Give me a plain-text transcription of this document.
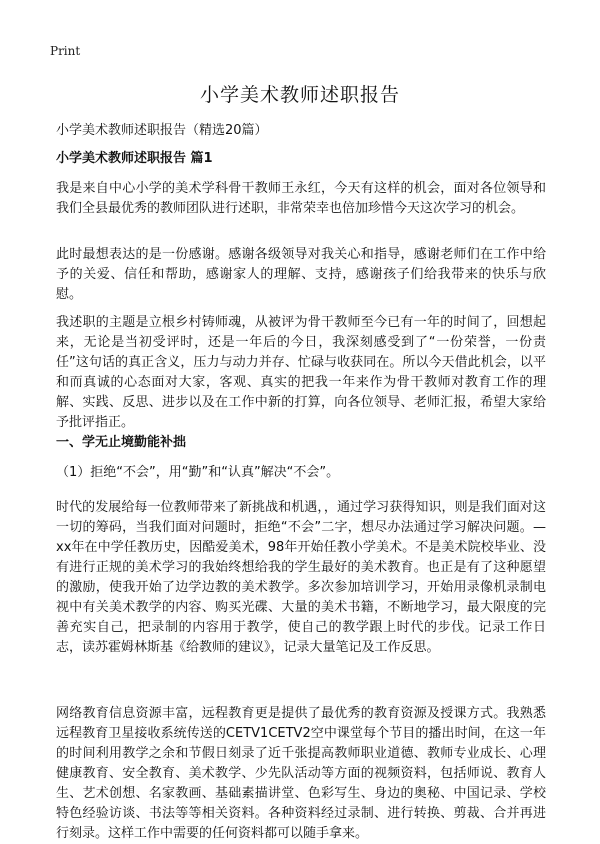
Print
小学美术教师述职报告

小学美术教师述职报告（精选20篇）

小学美术教师述职报告 篇1

我是来自中心小学的美术学科骨干教师王永红，今天有这样的机会，面对各位领导和我们全县最优秀的教师团队进行述职，非常荣幸也倍加珍惜今天这次学习的机会。

此时最想表达的是一份感谢。感谢各级领导对我关心和指导，感谢老师们在工作中给予的关爱、信任和帮助，感谢家人的理解、支持，感谢孩子们给我带来的快乐与欣慰。

我述职的主题是立根乡村铸师魂，从被评为骨干教师至今已有一年的时间了，回想起来，无论是当初受评时，还是一年后的今日，我深刻感受到了“一份荣誉，一份责任”这句话的真正含义，压力与动力并存、忙碌与收获同在。所以今天借此机会，以平和而真诚的心态面对大家，客观、真实的把我一年来作为骨干教师对教育工作的理解、实践、反思、进步以及在工作中新的打算，向各位领导、老师汇报，希望大家给予批评指正。

一、学无止境勤能补拙

（1）拒绝“不会”，用“勤”和“认真”解决“不会”。

时代的发展给每一位教师带来了新挑战和机遇，，通过学习获得知识，则是我们面对这一切的筹码，当我们面对问题时，拒绝“不会”二字，想尽办法通过学习解决问题。—xx年在中学任教历史，因酷爱美术，98年开始任教小学美术。不是美术院校毕业、没有进行正规的美术学习的我始终想给我的学生最好的美术教育。也正是有了这种愿望的激励，使我开始了边学边教的美术教学。多次参加培训学习，开始用录像机录制电视中有关美术教学的内容、购买光碟、大量的美术书籍，不断地学习，最大限度的完善充实自己，把录制的内容用于教学，使自己的教学跟上时代的步伐。记录工作日志，读苏霍姆林斯基《给教师的建议》，记录大量笔记及工作反思。

网络教育信息资源丰富，远程教育更是提供了最优秀的教育资源及授课方式。我熟悉远程教育卫星接收系统传送的CETV1CETV2空中课堂每个节目的播出时间，在这一年的时间利用教学之余和节假日刻录了近千张提高教师职业道德、教师专业成长、心理健康教育、安全教育、美术教学、少先队活动等方面的视频资料，包括师说、教育人生、艺术创想、名家教画、基础素描讲堂、色彩写生、身边的奥秘、中国记录、学校特色经验访谈、书法等等相关资料。各种资料经过录制、进行转换、剪裁、合并再进行刻录。这样工作中需要的任何资料都可以随手拿来。
